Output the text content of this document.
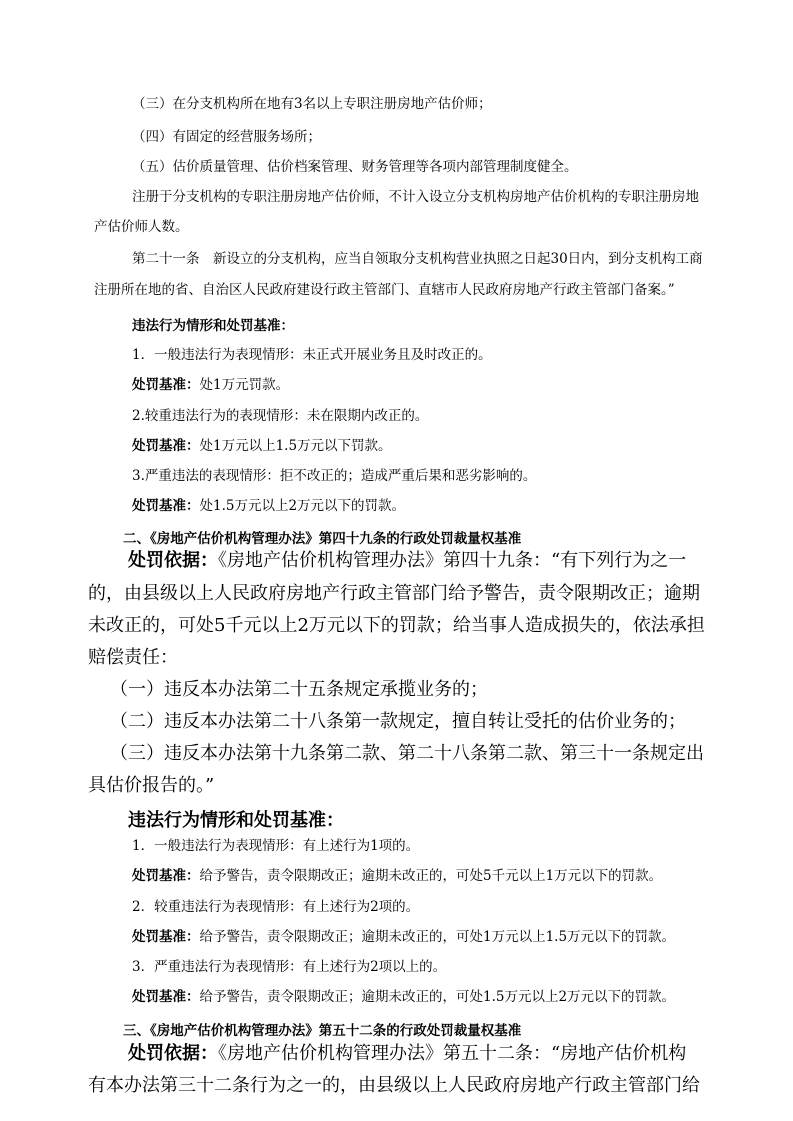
（三）在分支机构所在地有3名以上专职注册房地产估价师；
（四）有固定的经营服务场所；
（五）估价质量管理、估价档案管理、财务管理等各项内部管理制度健全。
注册于分支机构的专职注册房地产估价师，不计入设立分支机构房地产估价机构的专职注册房地
产估价师人数。
第二十一条　新设立的分支机构，应当自领取分支机构营业执照之日起30日内，到分支机构工商
注册所在地的省、自治区人民政府建设行政主管部门、直辖市人民政府房地产行政主管部门备案。”
违法行为情形和处罚基准：
1．一般违法行为表现情形：未正式开展业务且及时改正的。
处罚基准：处1万元罚款。
2.较重违法行为的表现情形：未在限期内改正的。
处罚基准：处1万元以上1.5万元以下罚款。
3.严重违法的表现情形：拒不改正的；造成严重后果和恶劣影响的。
处罚基准：处1.5万元以上2万元以下的罚款。
二、《房地产估价机构管理办法》第四十九条的行政处罚裁量权基准
处罚依据：《房地产估价机构管理办法》第四十九条：“有下列行为之一
的，由县级以上人民政府房地产行政主管部门给予警告，责令限期改正；逾期
未改正的，可处5千元以上2万元以下的罚款；给当事人造成损失的，依法承担
赔偿责任：
（一）违反本办法第二十五条规定承揽业务的；
（二）违反本办法第二十八条第一款规定，擅自转让受托的估价业务的；
（三）违反本办法第十九条第二款、第二十八条第二款、第三十一条规定出
具估价报告的。”
违法行为情形和处罚基准：
1．一般违法行为表现情形：有上述行为1项的。
处罚基准：给予警告，责令限期改正；逾期未改正的，可处5千元以上1万元以下的罚款。
2．较重违法行为表现情形：有上述行为2项的。
处罚基准：给予警告，责令限期改正；逾期未改正的，可处1万元以上1.5万元以下的罚款。
3．严重违法行为表现情形：有上述行为2项以上的。
处罚基准：给予警告，责令限期改正；逾期未改正的，可处1.5万元以上2万元以下的罚款。
三、《房地产估价机构管理办法》第五十二条的行政处罚裁量权基准
处罚依据：《房地产估价机构管理办法》第五十二条：“房地产估价机构
有本办法第三十二条行为之一的，由县级以上人民政府房地产行政主管部门给
